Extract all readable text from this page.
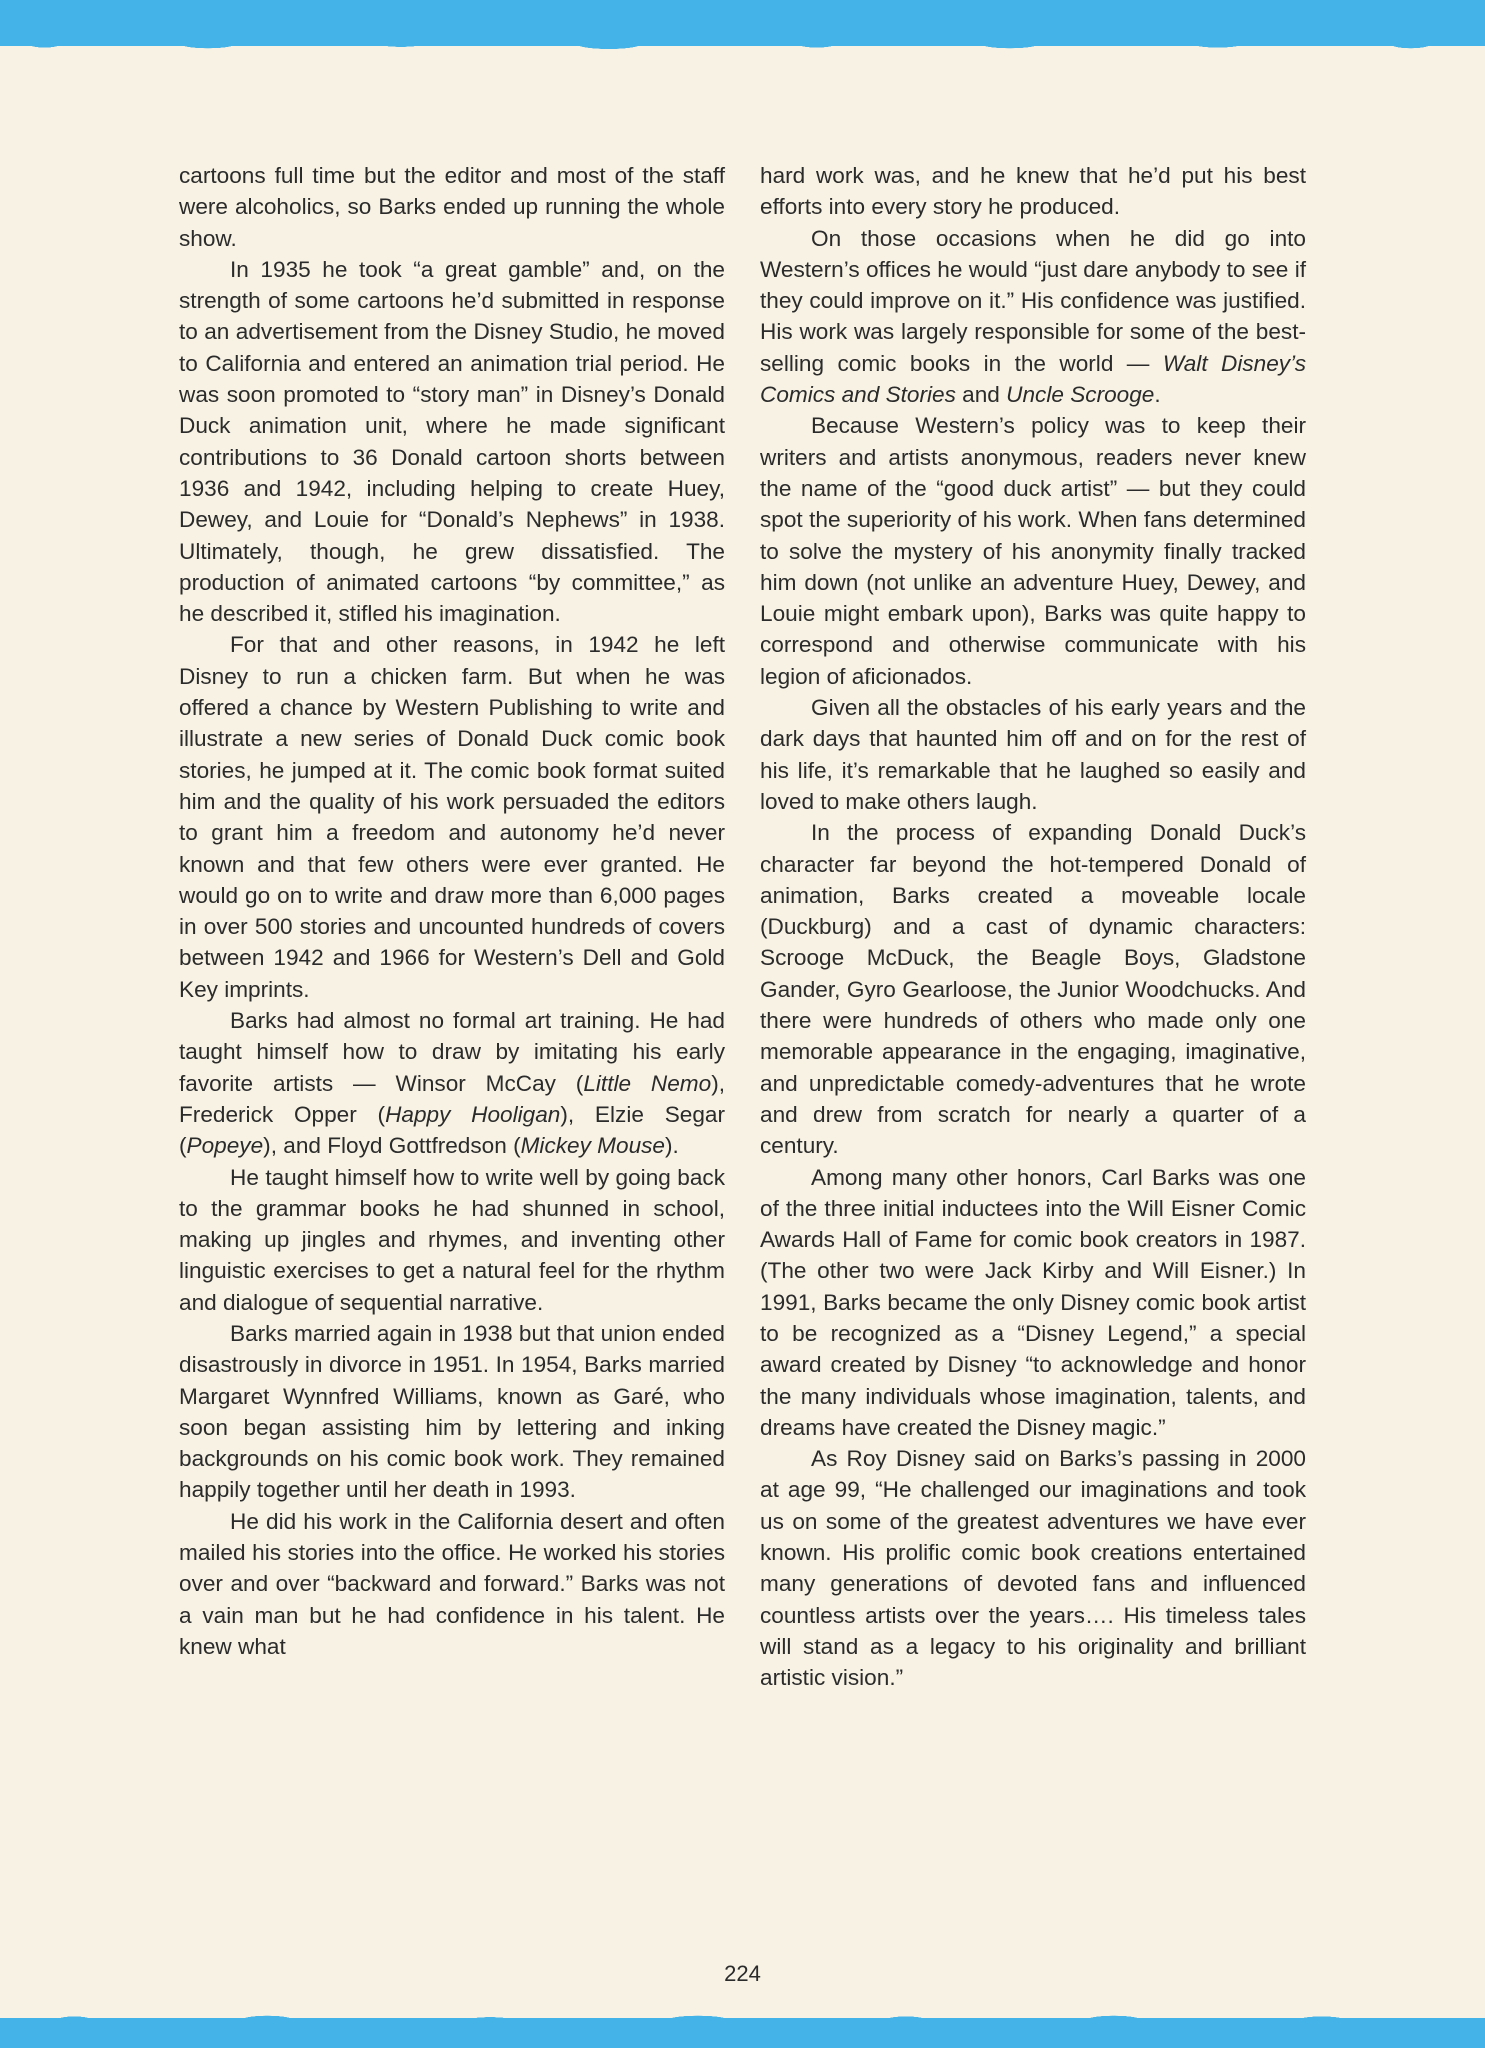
cartoons full time but the editor and most of the staff were alcoholics, so Barks ended up running the whole show.

In 1935 he took “a great gamble” and, on the strength of some cartoons he’d submitted in response to an advertisement from the Disney Studio, he moved to California and entered an animation trial period. He was soon promoted to “story man” in Disney’s Donald Duck animation unit, where he made significant contributions to 36 Donald cartoon shorts between 1936 and 1942, including helping to create Huey, Dewey, and Louie for “Donald’s Nephews” in 1938. Ultimately, though, he grew dissatisfied. The production of animated cartoons “by committee,” as he described it, stifled his imagination.

For that and other reasons, in 1942 he left Disney to run a chicken farm. But when he was offered a chance by Western Publishing to write and illustrate a new series of Donald Duck comic book stories, he jumped at it. The comic book format suited him and the quality of his work persuaded the editors to grant him a freedom and autonomy he’d never known and that few others were ever granted. He would go on to write and draw more than 6,000 pages in over 500 stories and uncounted hundreds of covers between 1942 and 1966 for Western’s Dell and Gold Key imprints.

Barks had almost no formal art training. He had taught himself how to draw by imitating his early favorite artists — Winsor McCay (Little Nemo), Frederick Opper (Happy Hooligan), Elzie Segar (Popeye), and Floyd Gottfredson (Mickey Mouse).

He taught himself how to write well by going back to the grammar books he had shunned in school, making up jingles and rhymes, and inventing other linguistic exercises to get a natural feel for the rhythm and dialogue of sequential narrative.

Barks married again in 1938 but that union ended disastrously in divorce in 1951. In 1954, Barks married Margaret Wynnfred Williams, known as Garé, who soon began assisting him by lettering and inking backgrounds on his comic book work. They remained happily together until her death in 1993.

He did his work in the California desert and often mailed his stories into the office. He worked his stories over and over “backward and forward.” Barks was not a vain man but he had confidence in his talent. He knew what

hard work was, and he knew that he’d put his best efforts into every story he produced.

On those occasions when he did go into Western’s offices he would “just dare anybody to see if they could improve on it.” His confidence was justified. His work was largely responsible for some of the best-selling comic books in the world — Walt Disney’s Comics and Stories and Uncle Scrooge.

Because Western’s policy was to keep their writers and artists anonymous, readers never knew the name of the “good duck artist” — but they could spot the superiority of his work. When fans determined to solve the mystery of his anonymity finally tracked him down (not unlike an adventure Huey, Dewey, and Louie might embark upon), Barks was quite happy to correspond and otherwise communicate with his legion of aficionados.

Given all the obstacles of his early years and the dark days that haunted him off and on for the rest of his life, it’s remarkable that he laughed so easily and loved to make others laugh.

In the process of expanding Donald Duck’s character far beyond the hot-tempered Donald of animation, Barks created a moveable locale (Duckburg) and a cast of dynamic characters: Scrooge McDuck, the Beagle Boys, Gladstone Gander, Gyro Gearloose, the Junior Woodchucks. And there were hundreds of others who made only one memorable appearance in the engaging, imaginative, and unpredictable comedy-adventures that he wrote and drew from scratch for nearly a quarter of a century.

Among many other honors, Carl Barks was one of the three initial inductees into the Will Eisner Comic Awards Hall of Fame for comic book creators in 1987. (The other two were Jack Kirby and Will Eisner.) In 1991, Barks became the only Disney comic book artist to be recognized as a “Disney Legend,” a special award created by Disney “to acknowledge and honor the many individuals whose imagination, talents, and dreams have created the Disney magic.”

As Roy Disney said on Barks’s passing in 2000 at age 99, “He challenged our imaginations and took us on some of the greatest adventures we have ever known. His prolific comic book creations entertained many generations of devoted fans and influenced countless artists over the years…. His timeless tales will stand as a legacy to his originality and brilliant artistic vision.”

224
